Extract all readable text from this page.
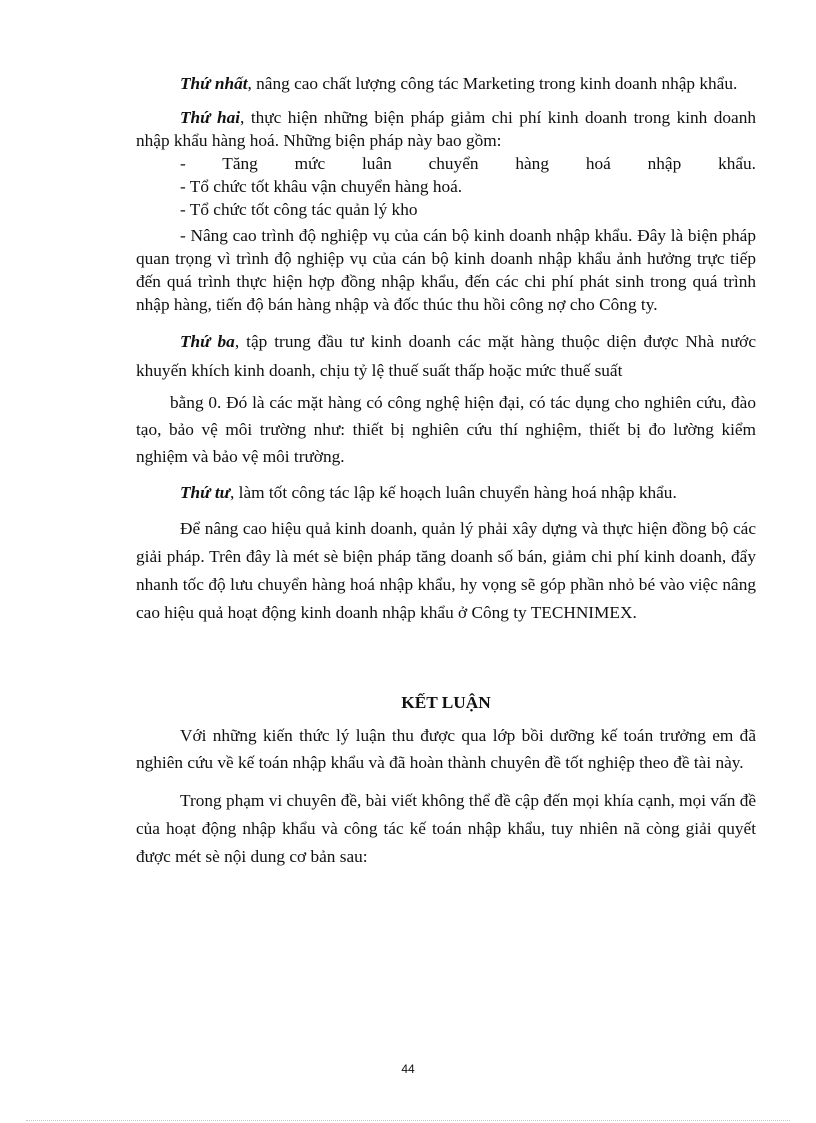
Thứ nhất, nâng cao chất lượng công tác Marketing trong kinh doanh nhập khẩu.

Thứ hai, thực hiện những biện pháp giảm chi phí kinh doanh trong kinh doanh nhập khẩu hàng hoá. Những biện pháp này bao gồm:

- Tăng mức luân chuyển hàng hoá nhập khẩu.

- Tổ chức tốt khâu vận chuyển hàng hoá.

- Tổ chức tốt công tác quản lý kho

- Nâng cao trình độ nghiệp vụ của cán bộ kinh doanh nhập khẩu. Đây là biện pháp quan trọng vì trình độ nghiệp vụ của cán bộ kinh doanh nhập khẩu ảnh hưởng trực tiếp đến quá trình thực hiện hợp đồng nhập khẩu, đến các chi phí phát sinh trong quá trình nhập hàng, tiến độ bán hàng nhập và đốc thúc thu hồi công nợ cho Công ty.

Thứ ba, tập trung đầu tư kinh doanh các mặt hàng thuộc diện được Nhà nước khuyến khích kinh doanh, chịu tỷ lệ thuế suất thấp hoặc mức thuế suất

bằng 0. Đó là các mặt hàng có công nghệ hiện đại, có tác dụng cho nghiên cứu, đào tạo, bảo vệ môi trường như: thiết bị nghiên cứu thí nghiệm, thiết bị đo lường kiểm nghiệm và bảo vệ môi trường.

Thứ tư, làm tốt công tác lập kế hoạch luân chuyển hàng hoá nhập khẩu.

Để nâng cao hiệu quả kinh doanh, quản lý phải xây dựng và thực hiện đồng bộ các giải pháp. Trên đây là mét sè biện pháp tăng doanh số bán, giảm chi phí kinh doanh, đẩy nhanh tốc độ lưu chuyển hàng hoá nhập khẩu, hy vọng sẽ góp phần nhỏ bé vào việc nâng cao hiệu quả hoạt động kinh doanh nhập khẩu ở Công ty TECHNIMEX.

KẾT LUẬN

Với những kiến thức lý luận thu được qua lớp bồi dưỡng kế toán trưởng em đã nghiên cứu về kế toán nhập khẩu và đã hoàn thành chuyên đề tốt nghiệp theo đề tài này.

Trong phạm vi chuyên đề, bài viết không thể đề cập đến mọi khía cạnh, mọi vấn đề của hoạt động nhập khẩu và công tác kế toán nhập khẩu, tuy nhiên nã còng giải quyết được mét sè nội dung cơ bản sau:

44
